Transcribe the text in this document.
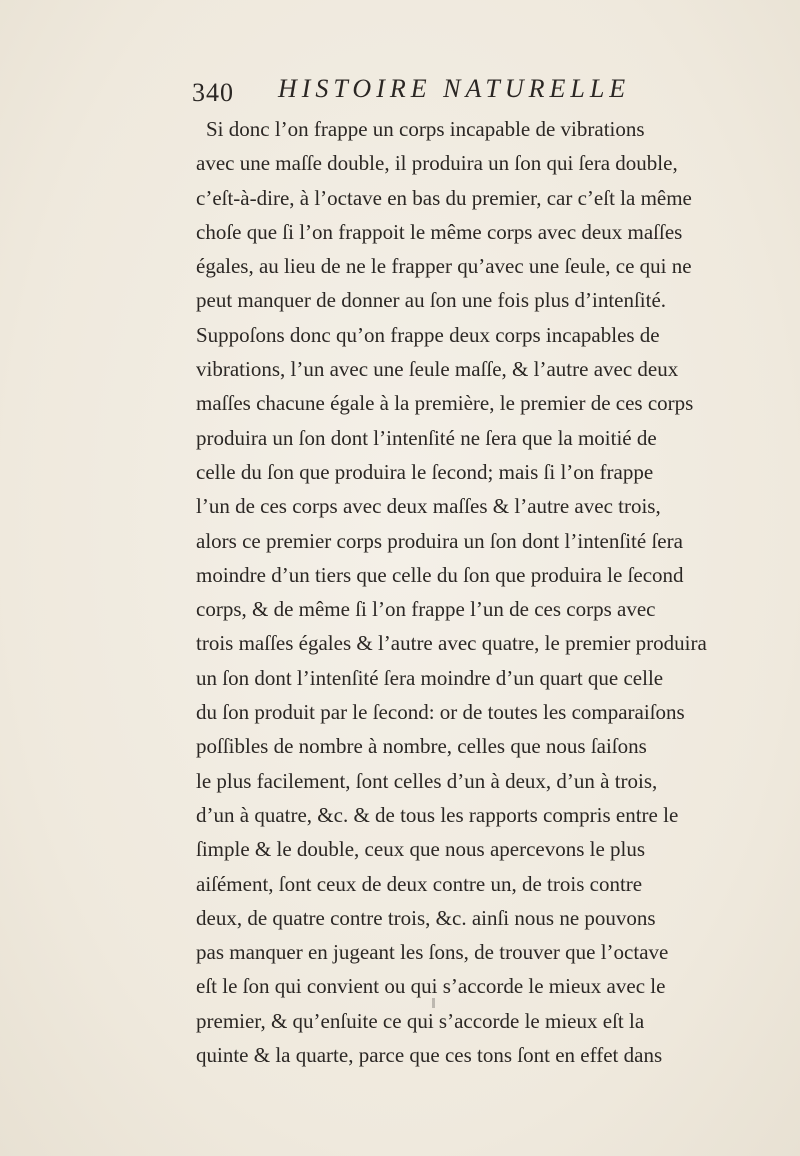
340	HISTOIRE NATURELLE
Si donc l’on frappe un corps incapable de vibrations
avec une maſſe double, il produira un ſon qui ſera double,
c’eſt-à-dire, à l’octave en bas du premier, car c’eſt la même
choſe que ſi l’on frappoit le même corps avec deux maſſes
égales, au lieu de ne le frapper qu’avec une ſeule, ce qui ne
peut manquer de donner au ſon une fois plus d’intenſité.
Suppoſons donc qu’on frappe deux corps incapables de
vibrations, l’un avec une ſeule maſſe, & l’autre avec deux
maſſes chacune égale à la première, le premier de ces corps
produira un ſon dont l’intenſité ne ſera que la moitié de
celle du ſon que produira le ſecond; mais ſi l’on frappe
l’un de ces corps avec deux maſſes & l’autre avec trois,
alors ce premier corps produira un ſon dont l’intenſité ſera
moindre d’un tiers que celle du ſon que produira le ſecond
corps, & de même ſi l’on frappe l’un de ces corps avec
trois maſſes égales & l’autre avec quatre, le premier produira
un ſon dont l’intenſité ſera moindre d’un quart que celle
du ſon produit par le ſecond: or de toutes les comparaiſons
poſſibles de nombre à nombre, celles que nous ſaiſons
le plus facilement, ſont celles d’un à deux, d’un à trois,
d’un à quatre, &c. & de tous les rapports compris entre le
ſimple & le double, ceux que nous apercevons le plus
aiſément, ſont ceux de deux contre un, de trois contre
deux, de quatre contre trois, &c. ainſi nous ne pouvons
pas manquer en jugeant les ſons, de trouver que l’octave
eſt le ſon qui convient ou qui s’accorde le mieux avec le
premier, & qu’enſuite ce qui s’accorde le mieux eſt la
quinte & la quarte, parce que ces tons ſont en effet dans
